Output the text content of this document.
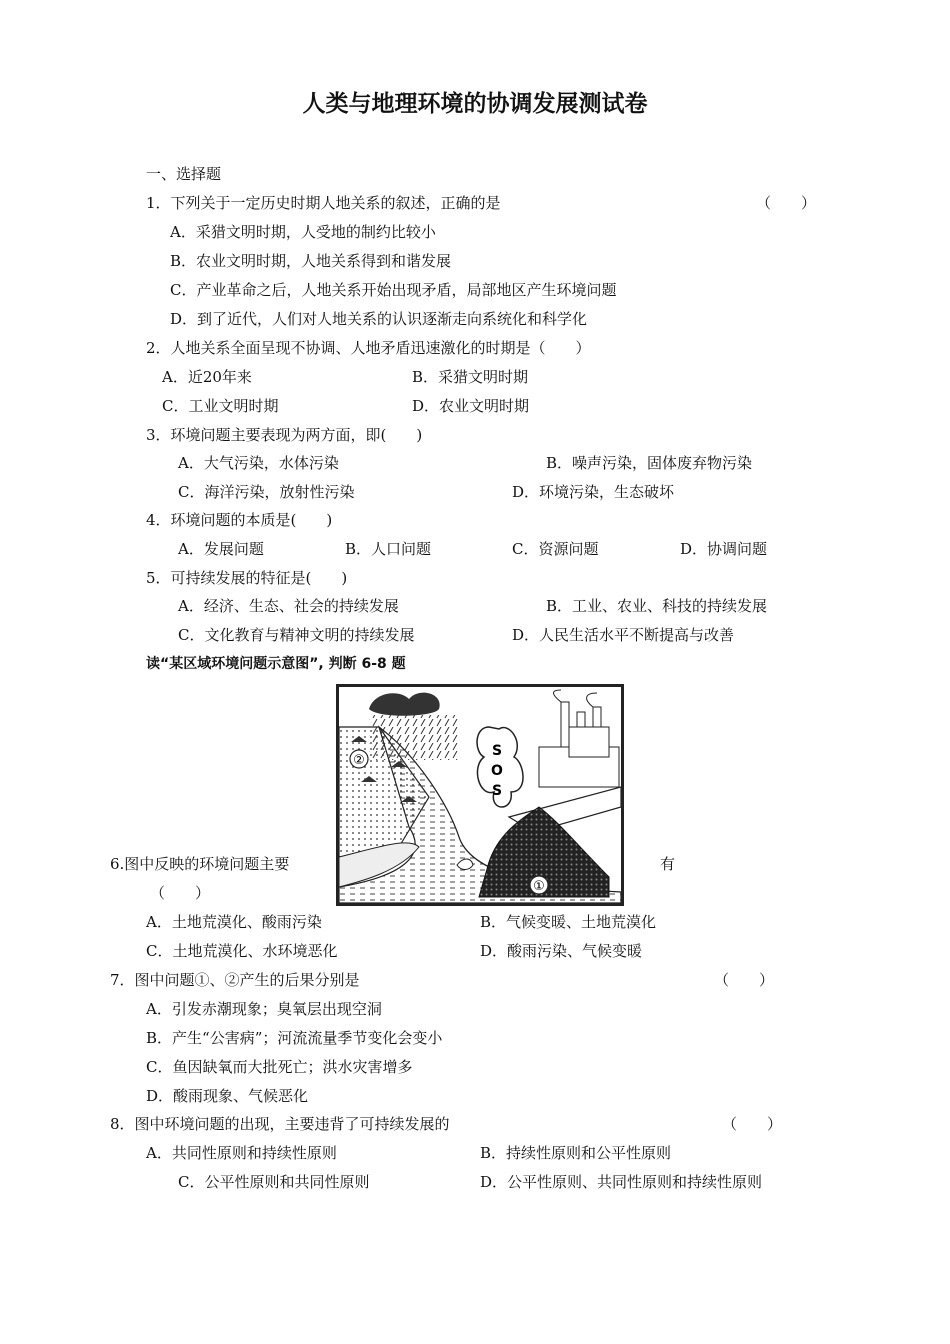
人类与地理环境的协调发展测试卷
一、选择题
1．下列关于一定历史时期人地关系的叙述，正确的是	（　　）
A．采猎文明时期，人受地的制约比较小
B．农业文明时期，人地关系得到和谐发展
C．产业革命之后，人地关系开始出现矛盾，局部地区产生环境问题
D．到了近代，人们对人地关系的认识逐渐走向系统化和科学化
2．人地关系全面呈现不协调、人地矛盾迅速激化的时期是（　　）
A．近20年来	B．采猎文明时期
C．工业文明时期	D．农业文明时期
3．环境问题主要表现为两方面，即(　　)
A．大气污染，水体污染	B．噪声污染，固体废弃物污染
C．海洋污染，放射性污染	D．环境污染，生态破坏
4．环境问题的本质是(　　)
A．发展问题	B．人口问题	C．资源问题	D．协调问题
5．可持续发展的特征是(　　)
A．经济、生态、社会的持续发展	B．工业、农业、科技的持续发展
C．文化教育与精神文明的持续发展	D．人民生活水平不断提高与改善
读“某区域环境问题示意图”, 判断 6-8 题
②
S
O
S
①
6.图中反映的环境问题主要	有
（　　）
A．土地荒漠化、酸雨污染	B．气候变暖、土地荒漠化
C．土地荒漠化、水环境恶化	D．酸雨污染、气候变暖
7．图中问题①、②产生的后果分别是	（　　）
A．引发赤潮现象；臭氧层出现空洞
B．产生“公害病”；河流流量季节变化会变小
C．鱼因缺氧而大批死亡；洪水灾害增多
D．酸雨现象、气候恶化
8．图中环境问题的出现，主要违背了可持续发展的	（　　）
A．共同性原则和持续性原则	B．持续性原则和公平性原则
C．公平性原则和共同性原则	D．公平性原则、共同性原则和持续性原则
